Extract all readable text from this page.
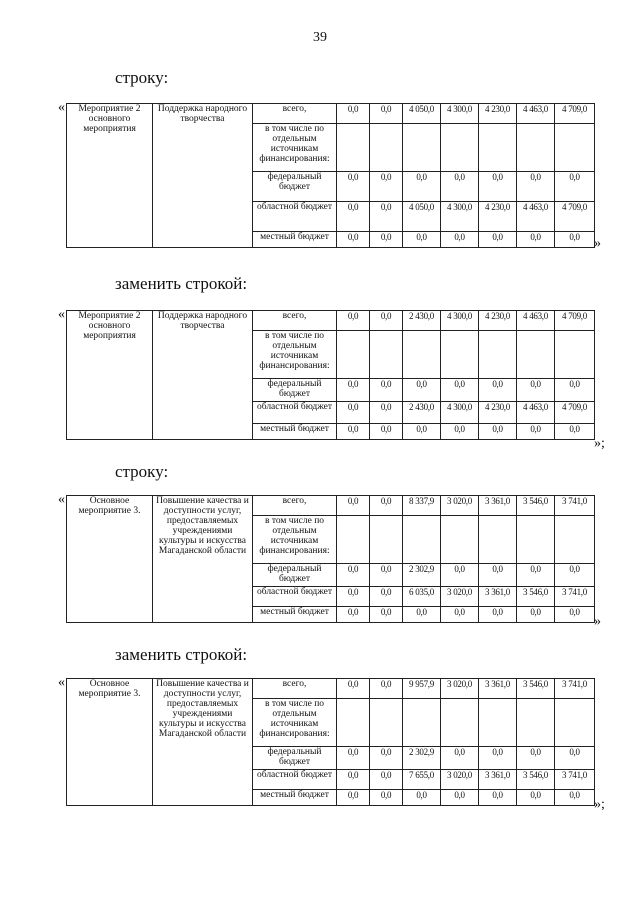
39
строку:
заменить строкой:
строку:
заменить строкой:
«
«
«
«
»
»;
»
»;
Мероприятие 2 основного мероприятия	Поддержка народного творчества	всего,	0,0	0,0	4 050,0	4 300,0	4 230,0	4 463,0	4 709,0
		в том числе по отдельным источникам финансирования:							
		федеральный бюджет	0,0	0,0	0,0	0,0	0,0	0,0	0,0
		областной бюджет	0,0	0,0	4 050,0	4 300,0	4 230,0	4 463,0	4 709,0
		местный бюджет	0,0	0,0	0,0	0,0	0,0	0,0	0,0
Мероприятие 2 основного мероприятия	Поддержка народного творчества	всего,	0,0	0,0	2 430,0	4 300,0	4 230,0	4 463,0	4 709,0
		в том числе по отдельным источникам финансирования:							
		федеральный бюджет	0,0	0,0	0,0	0,0	0,0	0,0	0,0
		областной бюджет	0,0	0,0	2 430,0	4 300,0	4 230,0	4 463,0	4 709,0
		местный бюджет	0,0	0,0	0,0	0,0	0,0	0,0	0,0
Основное мероприятие 3.	Повышение качества и доступности услуг, предоставляемых учреждениями культуры и искусства Магаданской области	всего,	0,0	0,0	8 337,9	3 020,0	3 361,0	3 546,0	3 741,0
		в том числе по отдельным источникам финансирования:							
		федеральный бюджет	0,0	0,0	2 302,9	0,0	0,0	0,0	0,0
		областной бюджет	0,0	0,0	6 035,0	3 020,0	3 361,0	3 546,0	3 741,0
		местный бюджет	0,0	0,0	0,0	0,0	0,0	0,0	0,0
Основное мероприятие 3.	Повышение качества и доступности услуг, предоставляемых учреждениями культуры и искусства Магаданской области	всего,	0,0	0,0	9 957,9	3 020,0	3 361,0	3 546,0	3 741,0
		в том числе по отдельным источникам финансирования:							
		федеральный бюджет	0,0	0,0	2 302,9	0,0	0,0	0,0	0,0
		областной бюджет	0,0	0,0	7 655,0	3 020,0	3 361,0	3 546,0	3 741,0
		местный бюджет	0,0	0,0	0,0	0,0	0,0	0,0	0,0
